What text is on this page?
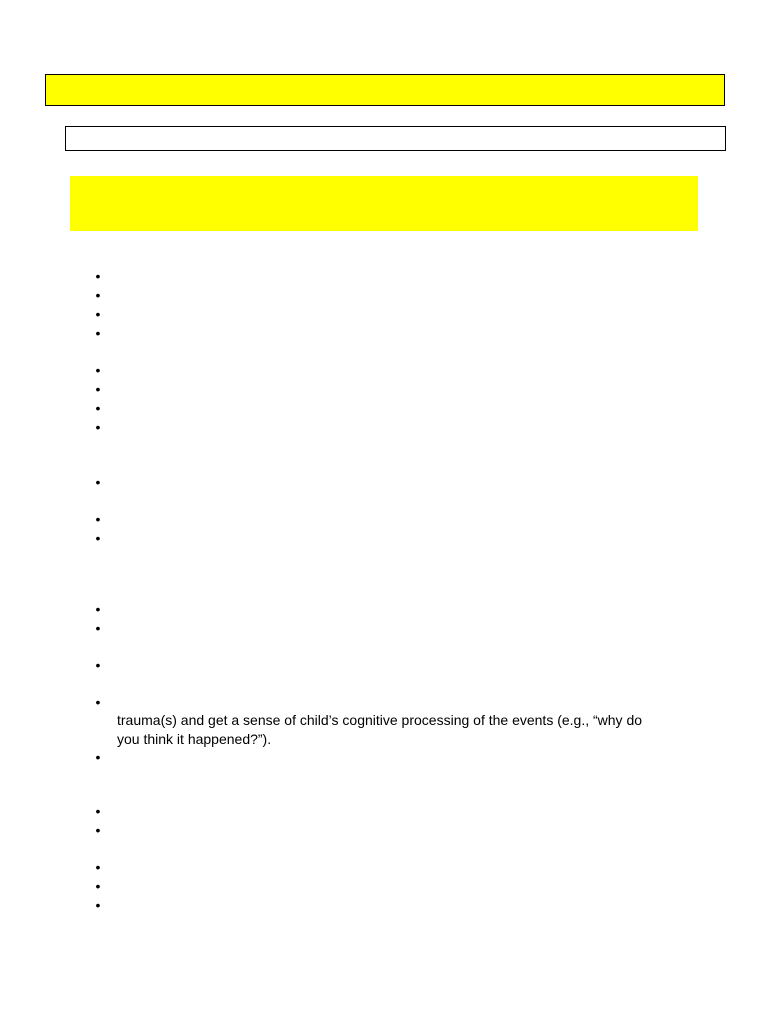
•
•
•
•
•
•
•
•
•
•
•
•
•
•
•
trauma(s) and get a sense of child’s cognitive processing of the events (e.g., “why do
you think it happened?”).
•
•
•
•
•
•
